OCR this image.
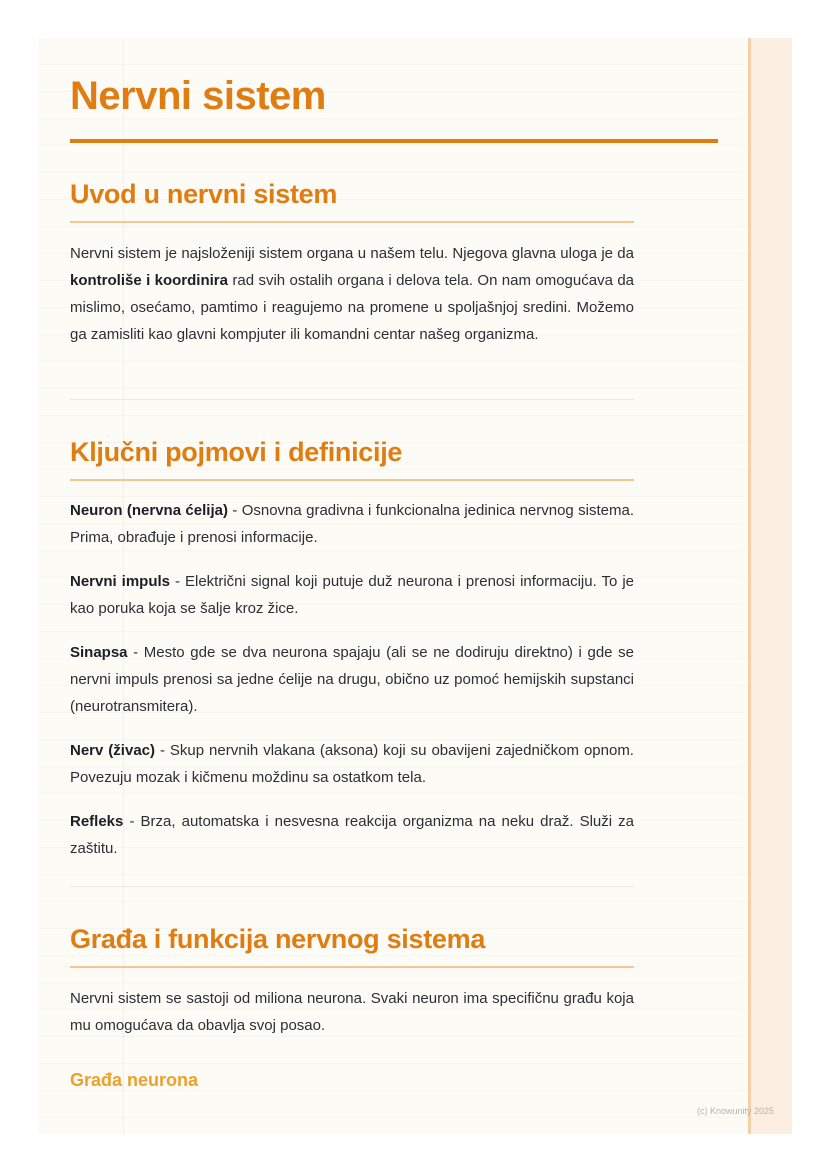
Nervni sistem
Uvod u nervni sistem

Nervni sistem je najsloženiji sistem organa u našem telu. Njegova glavna uloga je da kontroliše i koordinira rad svih ostalih organa i delova tela. On nam omogućava da mislimo, osećamo, pamtimo i reagujemo na promene u spoljašnjoj sredini. Možemo ga zamisliti kao glavni kompjuter ili komandni centar našeg organizma.

Ključni pojmovi i definicije

Neuron (nervna ćelija) - Osnovna gradivna i funkcionalna jedinica nervnog sistema. Prima, obrađuje i prenosi informacije.

Nervni impuls - Električni signal koji putuje duž neurona i prenosi informaciju. To je kao poruka koja se šalje kroz žice.

Sinapsa - Mesto gde se dva neurona spajaju (ali se ne dodiruju direktno) i gde se nervni impuls prenosi sa jedne ćelije na drugu, obično uz pomoć hemijskih supstanci (neurotransmitera).

Nerv (živac) - Skup nervnih vlakana (aksona) koji su obavijeni zajedničkom opnom. Povezuju mozak i kičmenu moždinu sa ostatkom tela.

Refleks - Brza, automatska i nesvesna reakcija organizma na neku draž. Služi za zaštitu.

Građa i funkcija nervnog sistema

Nervni sistem se sastoji od miliona neurona. Svaki neuron ima specifičnu građu koja mu omogućava da obavlja svoj posao.

Građa neurona
(c) Knowunity 2025
